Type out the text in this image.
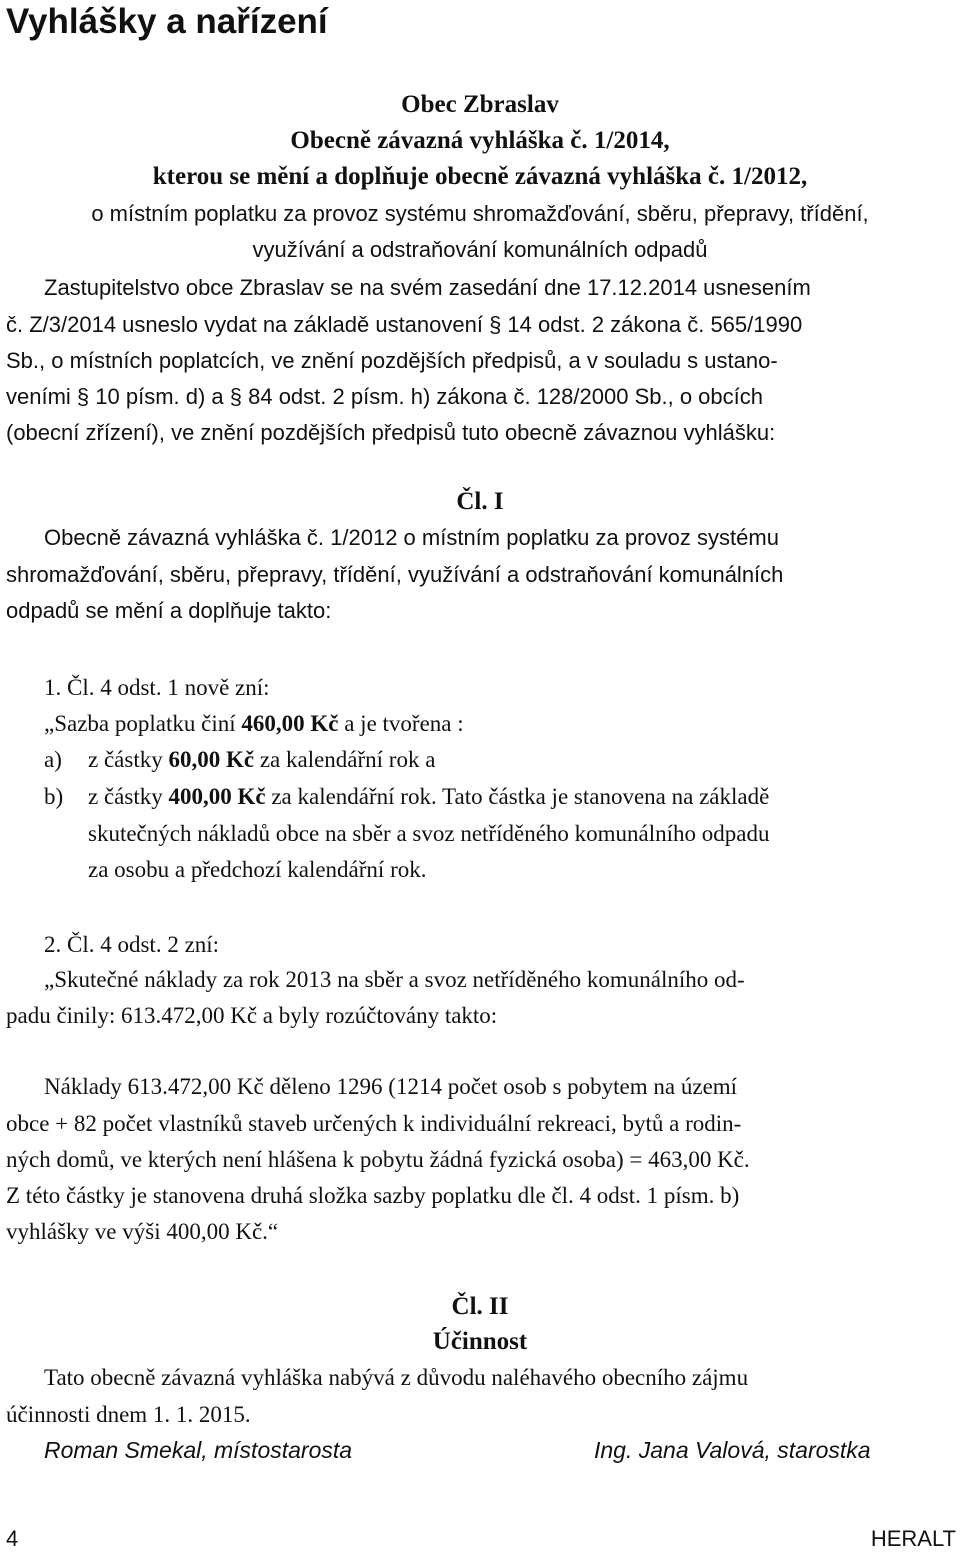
Vyhlášky a nařízení
Obec Zbraslav
Obecně závazná vyhláška č. 1/2014,
kterou se mění a doplňuje obecně závazná vyhláška č. 1/2012,
o místním poplatku za provoz systému shromažďování, sběru, přepravy, třídění,
využívání a odstraňování komunálních odpadů
Zastupitelstvo obce Zbraslav se na svém zasedání dne 17.12.2014 usnesením
č. Z/3/2014 usneslo vydat na základě ustanovení § 14 odst. 2 zákona č. 565/1990
Sb., o místních poplatcích, ve znění pozdějších předpisů, a v souladu s ustano-
veními § 10 písm. d) a § 84 odst. 2 písm. h) zákona č. 128/2000 Sb., o obcích
(obecní zřízení), ve znění pozdějších předpisů tuto obecně závaznou vyhlášku:
Čl. I
Obecně závazná vyhláška č. 1/2012 o místním poplatku za provoz systému
shromažďování, sběru, přepravy, třídění, využívání a odstraňování komunálních
odpadů se mění a doplňuje takto:
1. Čl. 4 odst. 1 nově zní:
„Sazba poplatku činí 460,00 Kč a je tvořena :
a) z částky 60,00 Kč za kalendářní rok a
b) z částky 400,00 Kč za kalendářní rok. Tato částka je stanovena na základě
skutečných nákladů obce na sběr a svoz netříděného komunálního odpadu
za osobu a předchozí kalendářní rok.
2. Čl. 4 odst. 2 zní:
„Skutečné náklady za rok 2013 na sběr a svoz netříděného komunálního od-
padu činily: 613.472,00 Kč a byly rozúčtovány takto:
Náklady 613.472,00 Kč děleno 1296 (1214 počet osob s pobytem na území
obce + 82 počet vlastníků staveb určených k individuální rekreaci, bytů a rodin-
ných domů, ve kterých není hlášena k pobytu žádná fyzická osoba) = 463,00 Kč.
Z této částky je stanovena druhá složka sazby poplatku dle čl. 4 odst. 1 písm. b)
vyhlášky ve výši 400,00 Kč.“
Čl. II
Účinnost
Tato obecně závazná vyhláška nabývá z důvodu naléhavého obecního zájmu
účinnosti dnem 1. 1. 2015.
Roman Smekal, místostarosta	Ing. Jana Valová, starostka
4	HERALT
